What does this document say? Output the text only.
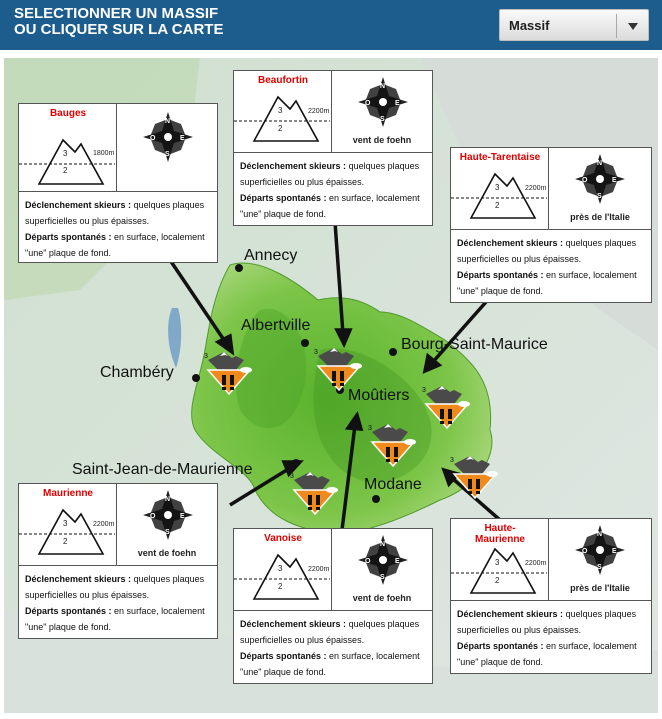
SELECTIONNER UN MASSIF
OU CLIQUER SUR LA CARTE	Massif
Annecy
Albertville
Chambéry
Bourg-Saint-Maurice
Moûtiers
Saint-Jean-de-Maurienne
Modane
3
3
3
3
3
3
Bauges
3
2
1800m
N
S
E
O
Déclenchement skieurs : quelques plaques superficielles ou plus épaisses.
Départs spontanés : en surface, localement "une" plaque de fond.
Beaufortin
3
2
2200m
N
S
E
O
vent de foehn
Déclenchement skieurs : quelques plaques superficielles ou plus épaisses.
Départs spontanés : en surface, localement "une" plaque de fond.
Haute-Tarentaise
3
2
2200m
N
S
E
O
près de l'Italie
Déclenchement skieurs : quelques plaques superficielles ou plus épaisses.
Départs spontanés : en surface, localement "une" plaque de fond.
Maurienne
3
2
2200m
N
S
E
O
vent de foehn
Déclenchement skieurs : quelques plaques superficielles ou plus épaisses.
Départs spontanés : en surface, localement "une" plaque de fond.
Vanoise
3
2
2200m
N
S
E
O
vent de foehn
Déclenchement skieurs : quelques plaques superficielles ou plus épaisses.
Départs spontanés : en surface, localement "une" plaque de fond.
Haute-
Maurienne
3
2
2200m
N
S
E
O
près de l'Italie
Déclenchement skieurs : quelques plaques superficielles ou plus épaisses.
Départs spontanés : en surface, localement "une" plaque de fond.
